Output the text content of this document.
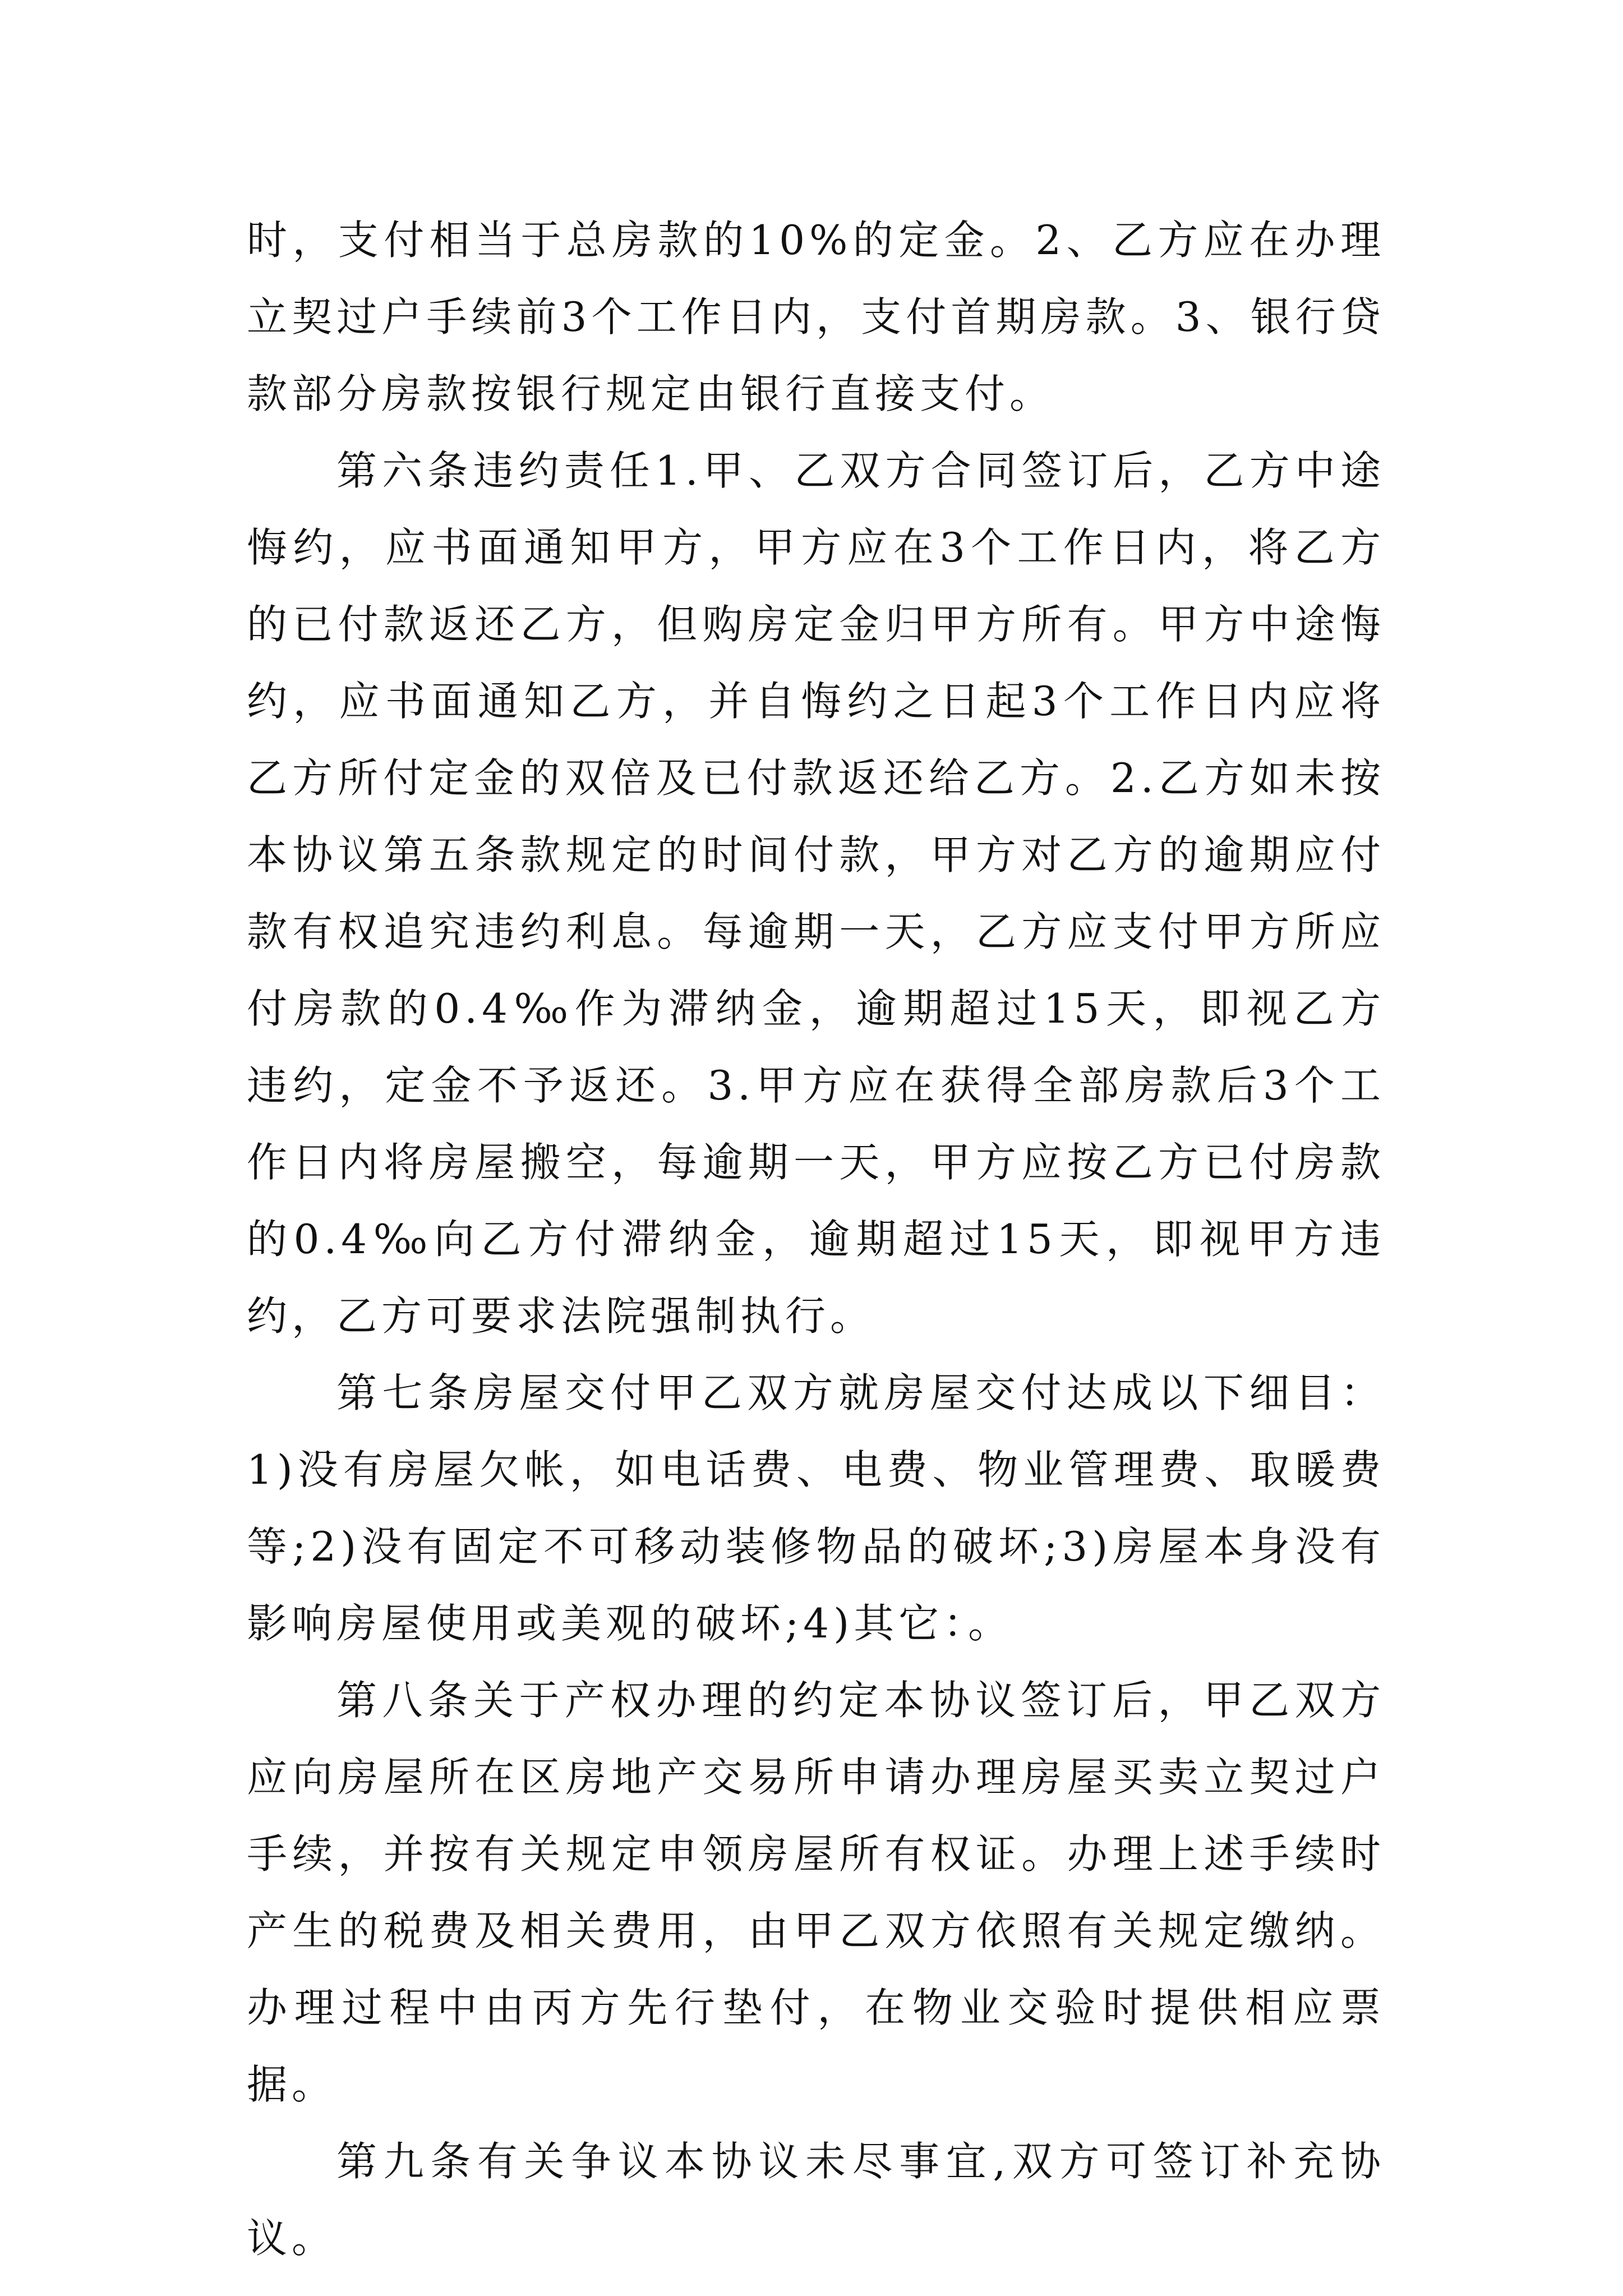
时，支付相当于总房款的10%的定金。2、乙方应在办理立契过户手续前3个工作日内，支付首期房款。3、银行贷款部分房款按银行规定由银行直接支付。

第六条违约责任1.甲、乙双方合同签订后，乙方中途悔约，应书面通知甲方，甲方应在3个工作日内，将乙方的已付款返还乙方，但购房定金归甲方所有。甲方中途悔约，应书面通知乙方，并自悔约之日起3个工作日内应将乙方所付定金的双倍及已付款返还给乙方。2.乙方如未按本协议第五条款规定的时间付款，甲方对乙方的逾期应付款有权追究违约利息。每逾期一天，乙方应支付甲方所应付房款的0.4‰作为滞纳金，逾期超过15天，即视乙方违约，定金不予返还。3.甲方应在获得全部房款后3个工作日内将房屋搬空，每逾期一天，甲方应按乙方已付房款的0.4‰向乙方付滞纳金，逾期超过15天，即视甲方违约，乙方可要求法院强制执行。

第七条房屋交付甲乙双方就房屋交付达成以下细目：1)没有房屋欠帐，如电话费、电费、物业管理费、取暖费等;2)没有固定不可移动装修物品的破坏;3)房屋本身没有影响房屋使用或美观的破坏;4)其它：。

第八条关于产权办理的约定本协议签订后，甲乙双方应向房屋所在区房地产交易所申请办理房屋买卖立契过户手续，并按有关规定申领房屋所有权证。办理上述手续时产生的税费及相关费用，由甲乙双方依照有关规定缴纳。办理过程中由丙方先行垫付，在物业交验时提供相应票据。

第九条有关争议本协议未尽事宜,双方可签订补充协议。
